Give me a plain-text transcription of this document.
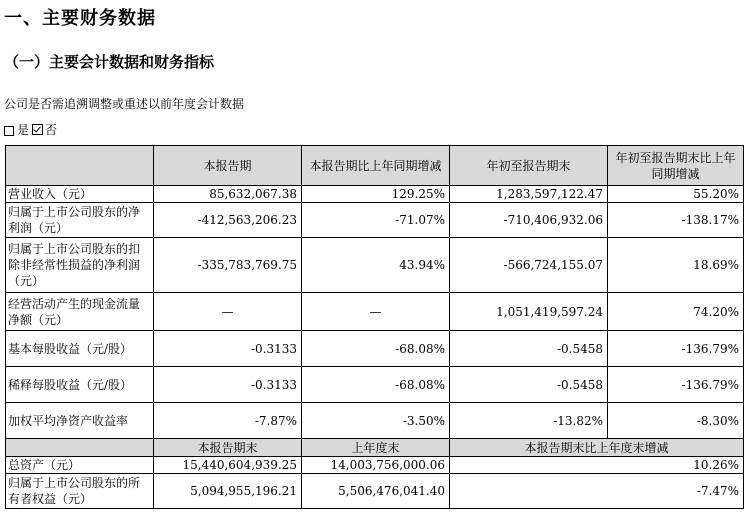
一、主要财务数据
（一）主要会计数据和财务指标
公司是否需追溯调整或重述以前年度会计数据
是 否
	本报告期	本报告期比上年同期增减	年初至报告期末	年初至报告期末比上年同期增减
营业收入（元）	85,632,067.38	129.25%	1,283,597,122.47	55.20%
归属于上市公司股东的净利润（元）	-412,563,206.23	-71.07%	-710,406,932.06	-138.17%
归属于上市公司股东的扣除非经常性损益的净利润（元）	-335,783,769.75	43.94%	-566,724,155.07	18.69%
经营活动产生的现金流量净额（元）	—	—	1,051,419,597.24	74.20%
基本每股收益（元/股）	-0.3133	-68.08%	-0.5458	-136.79%
稀释每股收益（元/股）	-0.3133	-68.08%	-0.5458	-136.79%
加权平均净资产收益率	-7.87%	-3.50%	-13.82%	-8.30%
	本报告期末	上年度末	本报告期末比上年度末增减	
总资产（元）	15,440,604,939.25	14,003,756,000.06	10.26%	
归属于上市公司股东的所有者权益（元）	5,094,955,196.21	5,506,476,041.40	-7.47%	
